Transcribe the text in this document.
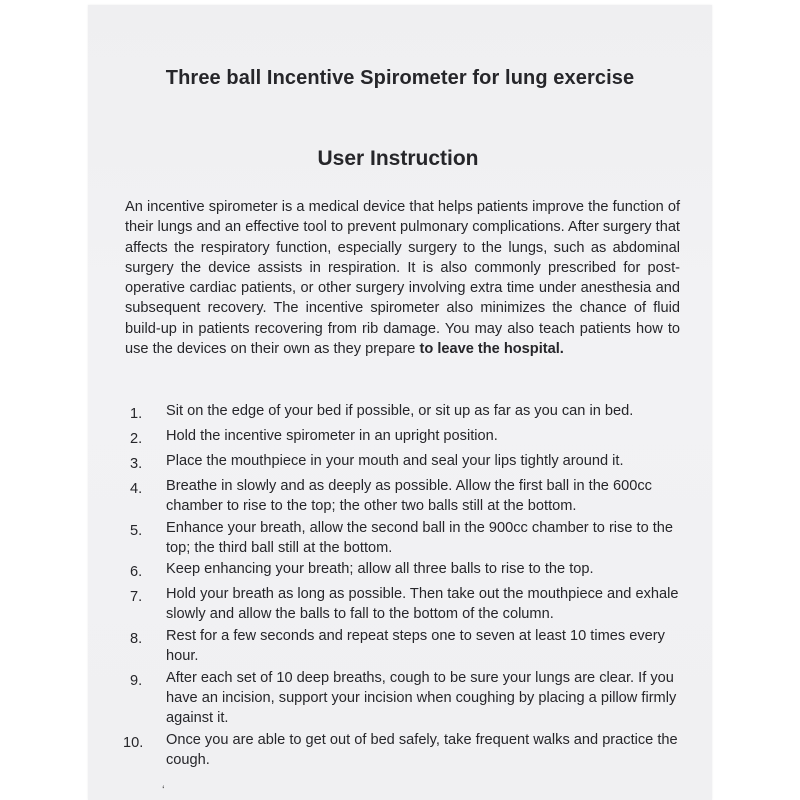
Three ball Incentive Spirometer for lung exercise
User Instruction

An incentive spirometer is a medical device that helps patients improve the function of their lungs and an effective tool to prevent pulmonary complications. After surgery that affects the respiratory function, especially surgery to the lungs, such as abdominal surgery the device assists in respiration. It is also commonly prescribed for post-operative cardiac patients, or other surgery involving extra time under anesthesia and subsequent recovery. The incentive spirometer also minimizes the chance of fluid build-up in patients recovering from rib damage. You may also teach patients how to use the devices on their own as they prepare to leave the hospital.

1.	Sit on the edge of your bed if possible, or sit up as far as you can in bed.
2.	Hold the incentive spirometer in an upright position.
3.	Place the mouthpiece in your mouth and seal your lips tightly around it.
4.	Breathe in slowly and as deeply as possible. Allow the first ball in the 600cc chamber to rise to the top; the other two balls still at the bottom.
5.	Enhance your breath, allow the second ball in the 900cc chamber to rise to the top; the third ball still at the bottom.
6.	Keep enhancing your breath; allow all three balls to rise to the top.
7.	Hold your breath as long as possible. Then take out the mouthpiece and exhale slowly and allow the balls to fall to the bottom of the column.
8.	Rest for a few seconds and repeat steps one to seven at least 10 times every hour.
9.	After each set of 10 deep breaths, cough to be sure your lungs are clear. If you have an incision, support your incision when coughing by placing a pillow firmly against it.
10.	Once you are able to get out of bed safely, take frequent walks and practice the cough.
‘
